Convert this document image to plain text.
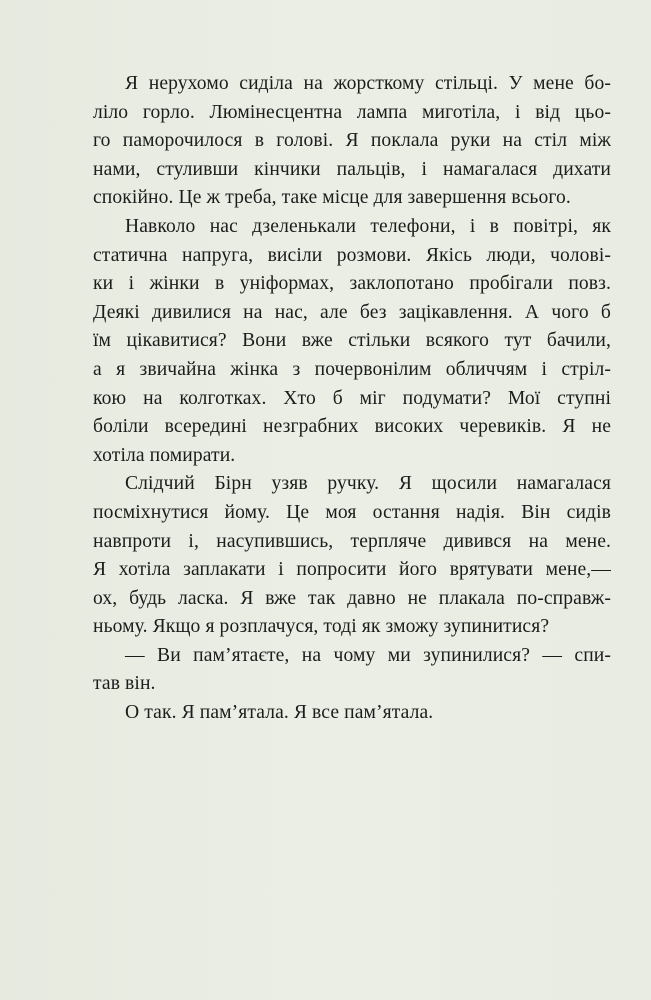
Я нерухомо сиділа на жорсткому стільці. У мене бо-
ліло горло. Люмінесцентна лампа миготіла, і від цьо-
го паморочилося в голові. Я поклала руки на стіл між
нами, стуливши кінчики пальців, і намагалася дихати
спокійно. Це ж треба, таке місце для завершення всього.
Навколо нас дзеленькали телефони, і в повітрі, як
статична напруга, висіли розмови. Якісь люди, чолові-
ки і жінки в уніформах, заклопотано пробігали повз.
Деякі дивилися на нас, але без зацікавлення. А чого б
їм цікавитися? Вони вже стільки всякого тут бачили,
а я звичайна жінка з почервонілим обличчям і стріл-
кою на колготках. Хто б міг подумати? Мої ступні
боліли всередині незграбних високих черевиків. Я не
хотіла помирати.
Слідчий Бірн узяв ручку. Я щосили намагалася
посміхнутися йому. Це моя остання надія. Він сидів
навпроти і, насупившись, терпляче дивився на мене.
Я хотіла заплакати і попросити його врятувати мене,—
ох, будь ласка. Я вже так давно не плакала по-справж-
ньому. Якщо я розплачуся, тоді як зможу зупинитися?
— Ви пам’ятаєте, на чому ми зупинилися? — спи-
тав він.
О так. Я пам’ятала. Я все пам’ятала.
